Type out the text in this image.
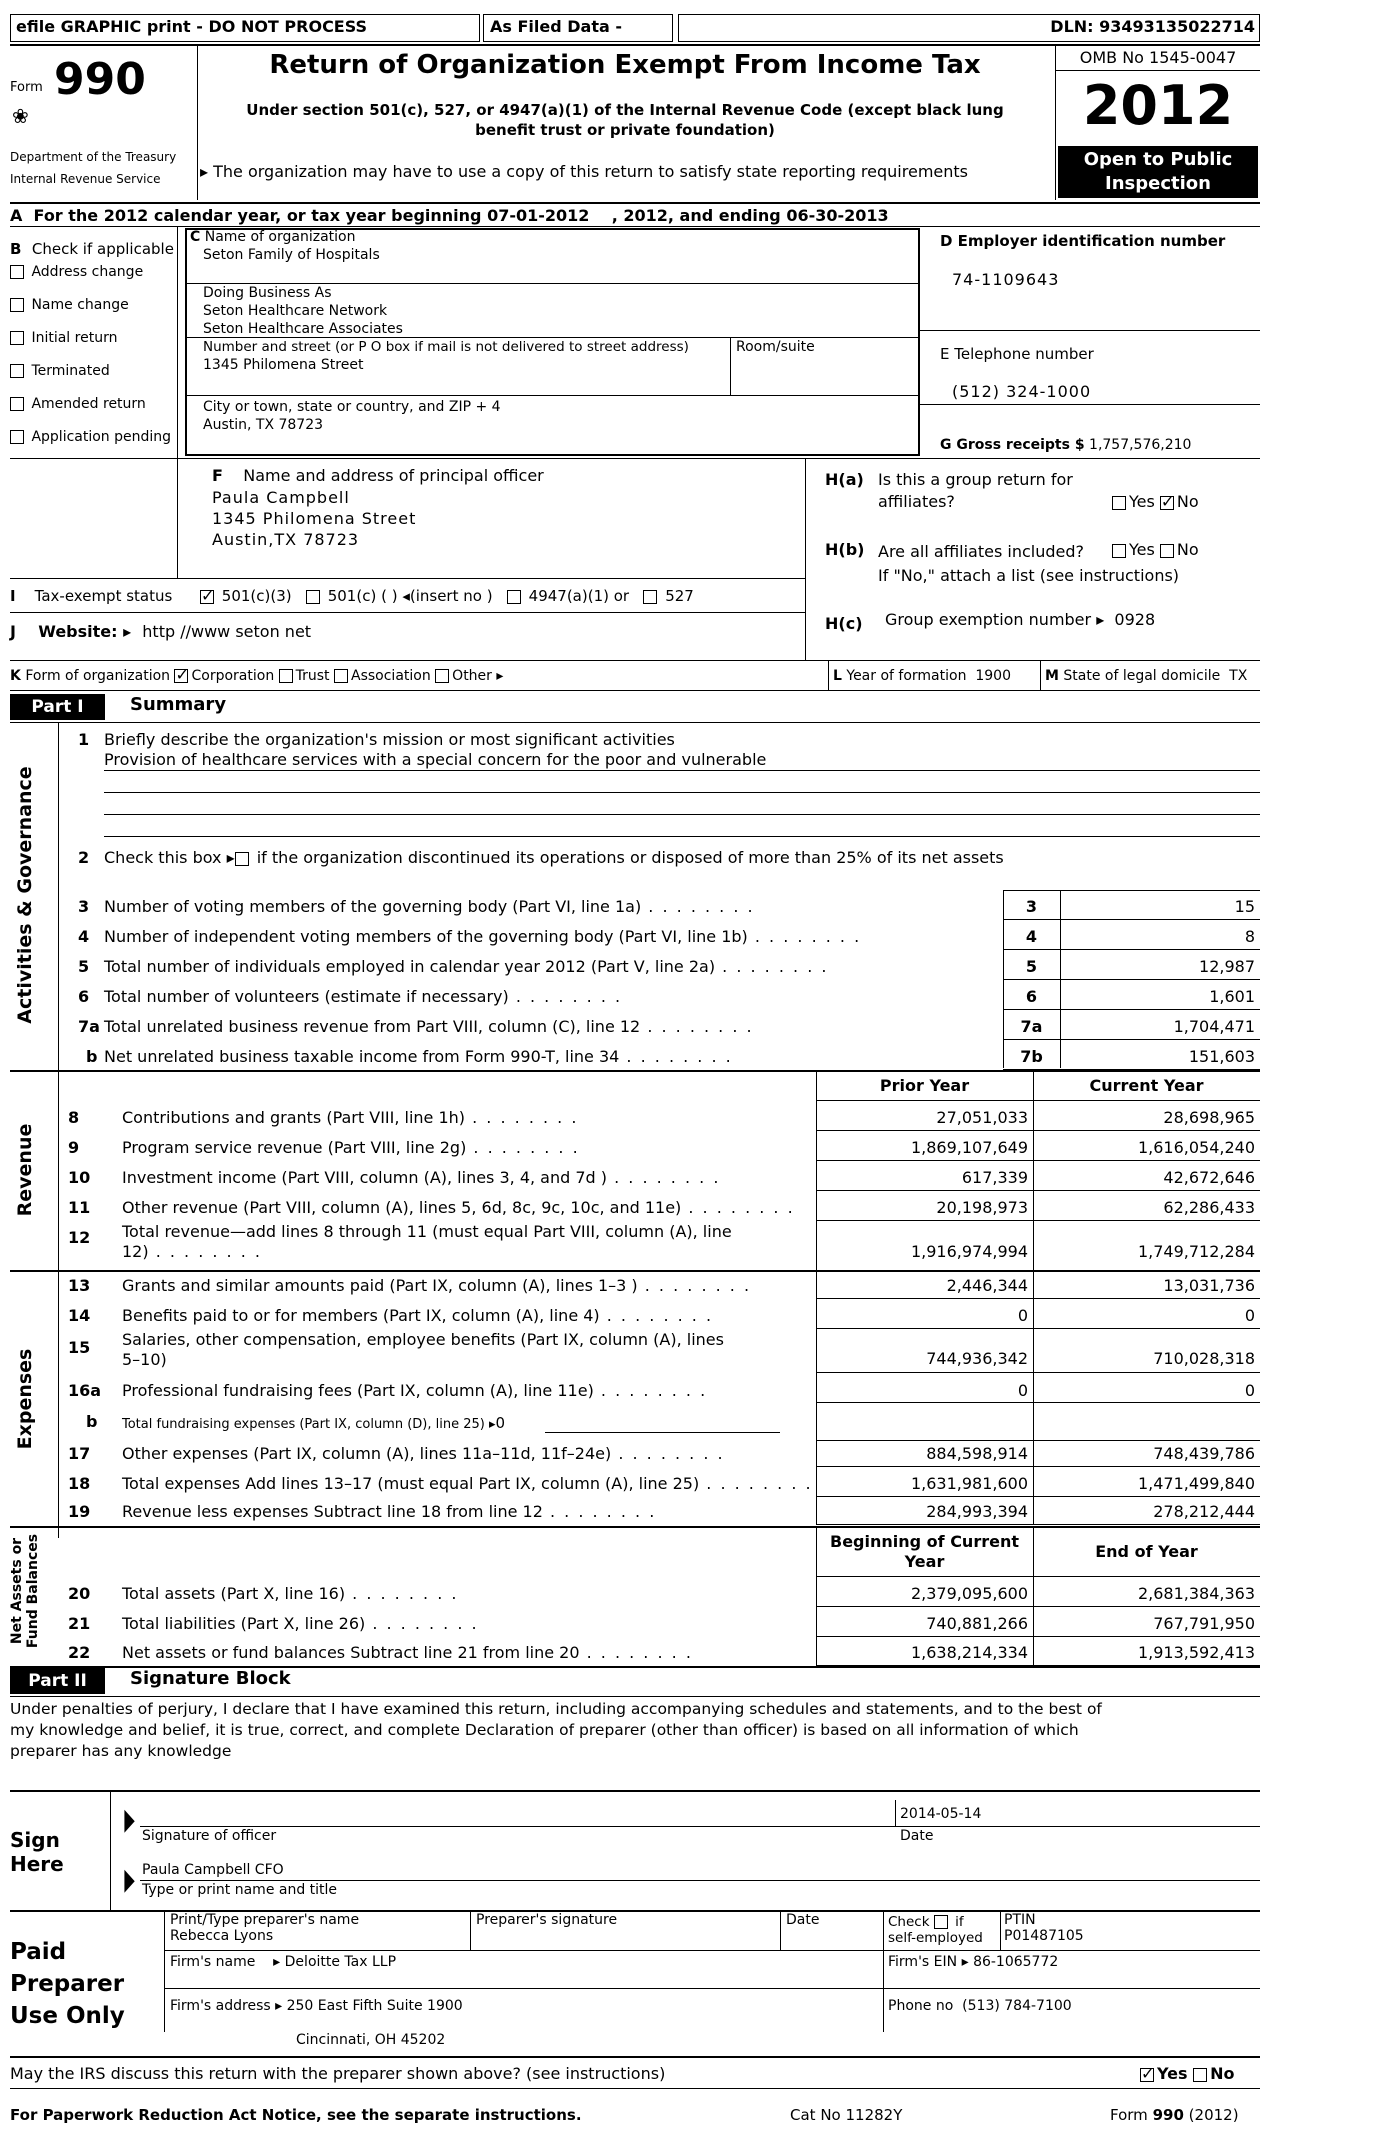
efile GRAPHIC print - DO NOT PROCESS	As Filed Data -	DLN: 93493135022714
Form 990
❀
Department of the Treasury
Internal Revenue Service
Return of Organization Exempt From Income Tax
Under section 501(c), 527, or 4947(a)(1) of the Internal Revenue Code (except black lung benefit trust or private foundation)
▸ The organization may have to use a copy of this return to satisfy state reporting requirements
OMB No 1545-0047
2012
Open to Public
Inspection
A For the 2012 calendar year, or tax year beginning 07-01-2012 , 2012, and ending 06-30-2013
B Check if applicable
Address change
Name change
Initial return
Terminated
Amended return
Application pending
C Name of organization
Seton Family of Hospitals
Doing Business As
Seton Healthcare Network
Seton Healthcare Associates
Number and street (or P O box if mail is not delivered to street address)	Room/suite
1345 Philomena Street
City or town, state or country, and ZIP + 4
Austin, TX 78723
D Employer identification number
74-1109643
E Telephone number
(512) 324-1000
G Gross receipts $ 1,757,576,210
F Name and address of principal officer
Paula Campbell
1345 Philomena Street
Austin,TX 78723
H(a) Is this a group return for
affiliates?	Yes ✓ No
H(b) Are all affiliates included?	Yes No
If "No," attach a list (see instructions)
H(c) Group exemption number ▸  0928
I Tax-exempt status ✓	501(c)(3) 501(c) ( ) ◂(insert no ) 4947(a)(1) or 527
J Website: ▸  http //www seton net
K Form of organization ✓ Corporation Trust Association Other ▸	L Year of formation 1900 M State of legal domicile TX
Part I	Summary
Activities & Governance
1 Briefly describe the organization's mission or most significant activities
Provision of healthcare services with a special concern for the poor and vulnerable
2 Check this box ▸ if the organization discontinued its operations or disposed of more than 25% of its net assets
3 Number of voting members of the governing body (Part VI, line 1a) . .	3	15
4 Number of independent voting members of the governing body (Part VI, line 1b) . .	4	8
5 Total number of individuals employed in calendar year 2012 (Part V, line 2a) . .	5	12,987
6 Total number of volunteers (estimate if necessary) . .	6	1,601
7a Total unrelated business revenue from Part VIII, column (C), line 12 . .	7a	1,704,471
b Net unrelated business taxable income from Form 990-T, line 34 . .	7b	151,603
Prior Year	Current Year
Revenue
8	Contributions and grants (Part VIII, line 1h) . .	27,051,033	28,698,965
9	Program service revenue (Part VIII, line 2g) . .	1,869,107,649	1,616,054,240
10 Investment income (Part VIII, column (A), lines 3, 4, and 7d ) . .	617,339	42,672,646
11 Other revenue (Part VIII, column (A), lines 5, 6d, 8c, 9c, 10c, and 11e) . .	20,198,973	62,286,433
12 Total revenue—add lines 8 through 11 (must equal Part VIII, column (A), line
12) . .	1,916,974,994	1,749,712,284
Expenses
13 Grants and similar amounts paid (Part IX, column (A), lines 1–3 ) . .	2,446,344	13,031,736
14 Benefits paid to or for members (Part IX, column (A), line 4) . .	0	0
15 Salaries, other compensation, employee benefits (Part IX, column (A), lines
5–10)	744,936,342	710,028,318
16a Professional fundraising fees (Part IX, column (A), line 11e) . .	0	0
b Total fundraising expenses (Part IX, column (D), line 25) ▸0
17 Other expenses (Part IX, column (A), lines 11a–11d, 11f–24e) . .	884,598,914	748,439,786
18 Total expenses Add lines 13–17 (must equal Part IX, column (A), line 25) . .	1,631,981,600	1,471,499,840
19 Revenue less expenses Subtract line 18 from line 12 . .	284,993,394	278,212,444
Net Assets or Fund Balances	Beginning of Current
Year
End of Year
20 Total assets (Part X, line 16) . .	2,379,095,600	2,681,384,363
21 Total liabilities (Part X, line 26) . .	740,881,266	767,791,950
22 Net assets or fund balances Subtract line 21 from line 20 . .	1,638,214,334	1,913,592,413
Part II	Signature Block
Under penalties of perjury, I declare that I have examined this return, including accompanying schedules and statements, and to the best of
my knowledge and belief, it is true, correct, and complete Declaration of preparer (other than officer) is based on all information of which
preparer has any knowledge
Sign
Here
▶
▶
2014-05-14
Signature of officer	Date
Paula Campbell CFO
Type or print name and title
Paid
Preparer
Use Only
Print/Type preparer's name
Rebecca Lyons
Preparer's signature	Date	Check if
self-employed
PTIN
P01487105
Firm's name    ▸ Deloitte Tax LLP	Firm's EIN ▸ 86-1065772
Firm's address ▸ 250 East Fifth Suite 1900
Cincinnati, OH 45202
Phone no (513) 784-7100
May the IRS discuss this return with the preparer shown above? (see instructions) ✓	Yes No
For Paperwork Reduction Act Notice, see the separate instructions.	Cat No 11282Y	Form 990 (2012)
